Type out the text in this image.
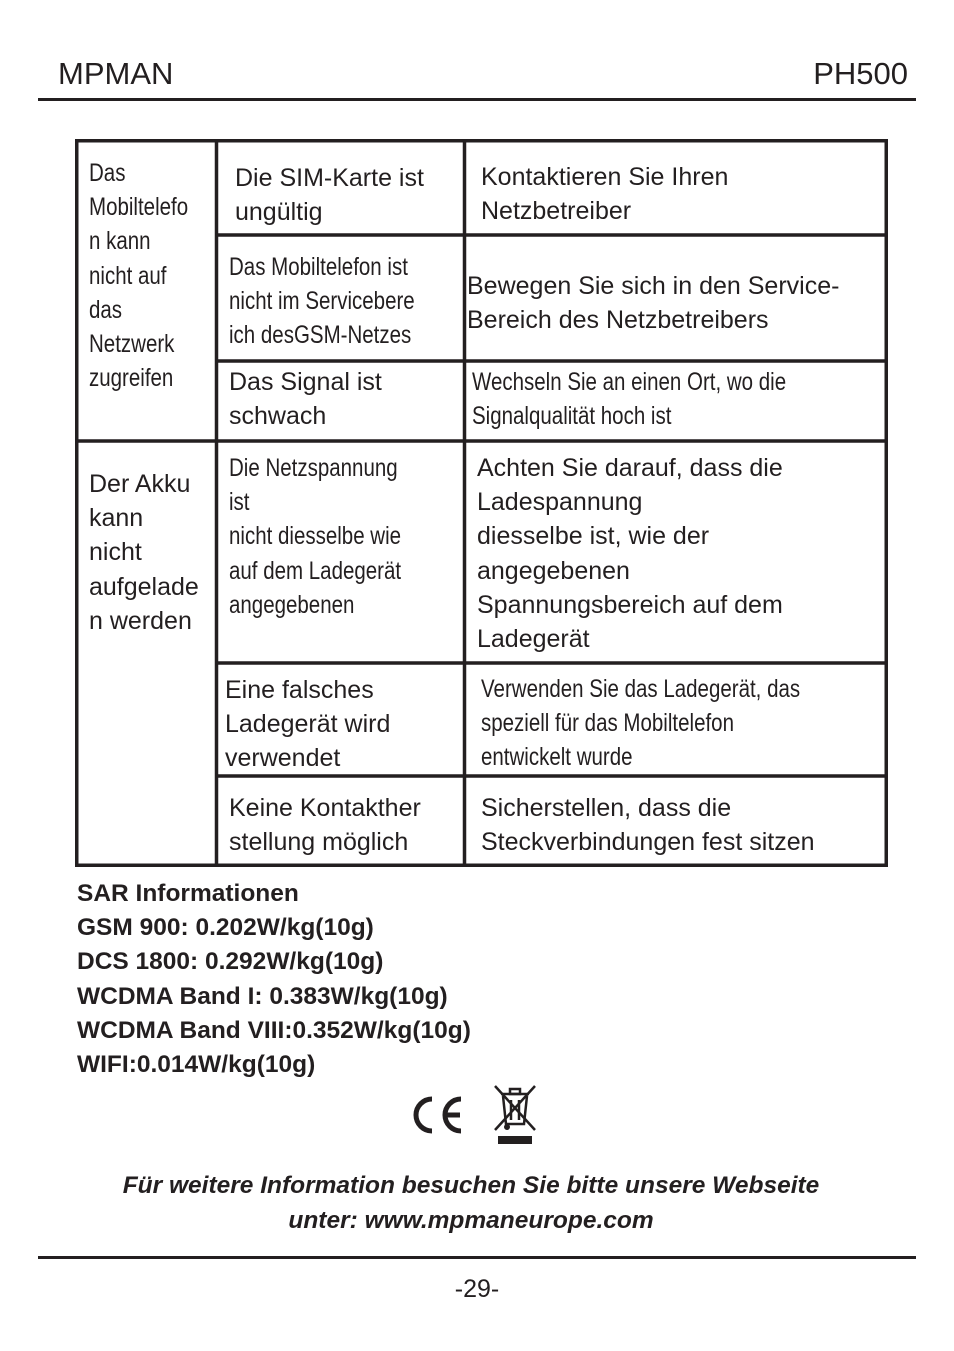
MPMAN	PH500
Das
Mobiltelefo
n kann
nicht auf
das
Netzwerk
zugreifen
Die SIM-Karte ist
ungültig
Kontaktieren Sie Ihren
Netzbetreiber
Das Mobiltelefon ist
nicht im Servicebere
ich desGSM-Netzes
Bewegen Sie sich in den Service-
Bereich des Netzbetreibers
Das Signal ist
schwach
Wechseln Sie an einen Ort, wo die
Signalqualität hoch ist
Der Akku
kann
nicht
aufgelade
n werden
Die Netzspannung ist
nicht diesselbe wie
auf dem Ladegerät
angegebenen
Achten Sie darauf, dass die
Ladespannung
diesselbe ist, wie der
angegebenen
Spannungsbereich auf dem
Ladegerät
Eine falsches
Ladegerät wird
verwendet
Verwenden Sie das Ladegerät, das
speziell für das Mobiltelefon
entwickelt wurde
Keine Kontakther
stellung möglich
Sicherstellen, dass die
Steckverbindungen fest sitzen
SAR Informationen
GSM 900: 0.202W/kg(10g)
DCS 1800: 0.292W/kg(10g)
WCDMA Band I: 0.383W/kg(10g)
WCDMA Band VIII:0.352W/kg(10g)
WIFI:0.014W/kg(10g)
Für weitere Information besuchen Sie bitte unsere Webseite
unter: www.mpmaneurope.com
-29-
